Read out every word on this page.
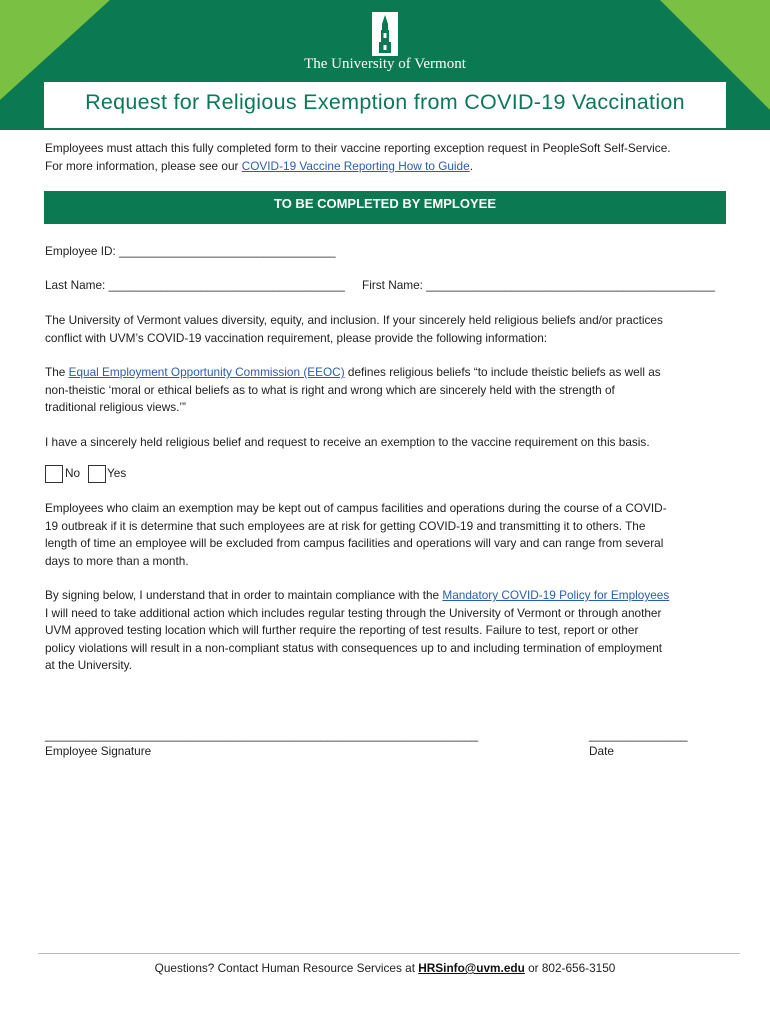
The University of Vermont
Request for Religious Exemption from COVID-19 Vaccination
Employees must attach this fully completed form to their vaccine reporting exception request in PeopleSoft Self-Service.
For more information, please see our COVID-19 Vaccine Reporting How to Guide.
TO BE COMPLETED BY EMPLOYEE
Employee ID: _________________________________
Last Name: ____________________________________ First Name: ____________________________________________
The University of Vermont values diversity, equity, and inclusion. If your sincerely held religious beliefs and/or practices
conflict with UVM’s COVID-19 vaccination requirement, please provide the following information:
The Equal Employment Opportunity Commission (EEOC) defines religious beliefs “to include theistic beliefs as well as
non-theistic ‘moral or ethical beliefs as to what is right and wrong which are sincerely held with the strength of
traditional religious views.’”
I have a sincerely held religious belief and request to receive an exemption to the vaccine requirement on this basis.
No Yes
Employees who claim an exemption may be kept out of campus facilities and operations during the course of a COVID-
19 outbreak if it is determine that such employees are at risk for getting COVID-19 and transmitting it to others. The
length of time an employee will be excluded from campus facilities and operations will vary and can range from several
days to more than a month.
By signing below, I understand that in order to maintain compliance with the Mandatory COVID-19 Policy for Employees
I will need to take additional action which includes regular testing through the University of Vermont or through another
UVM approved testing location which will further require the reporting of test results. Failure to test, report or other
policy violations will result in a non-compliant status with consequences up to and including termination of employment
at the University.
__________________________________________________________________
Employee Signature
_______________
Date
Questions? Contact Human Resource Services at HRSinfo@uvm.edu or 802-656-3150
